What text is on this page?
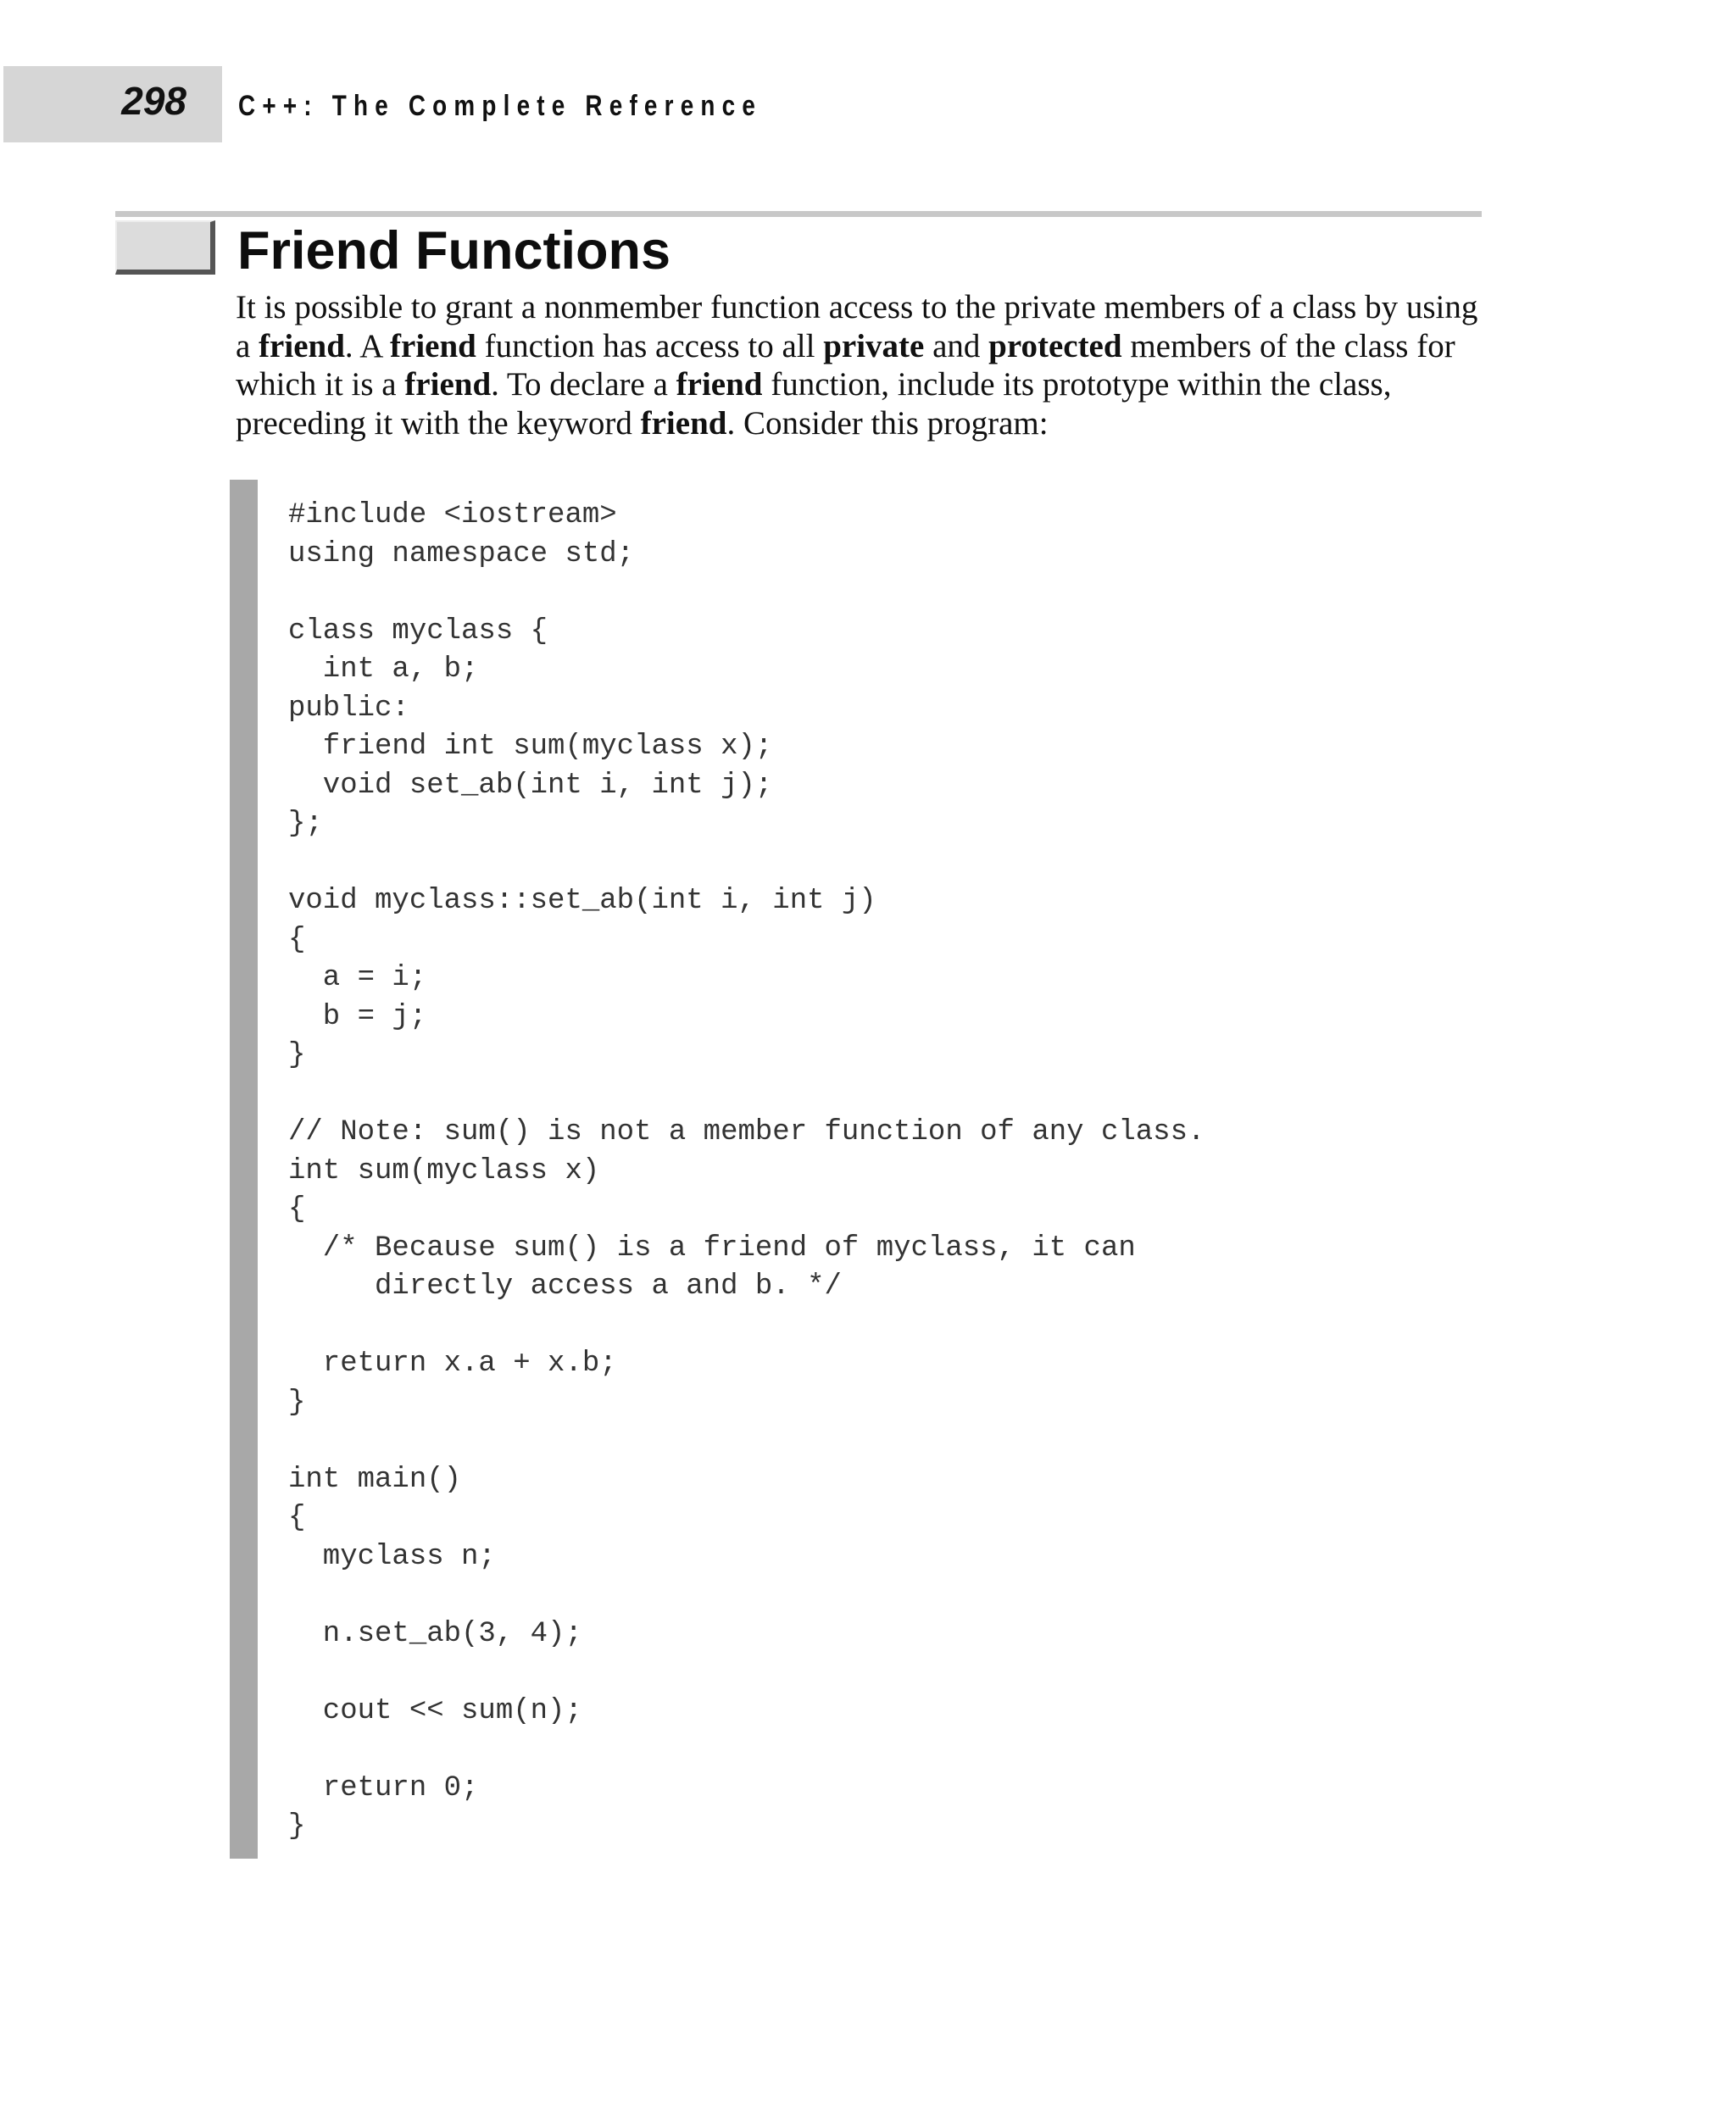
298 C++: The Complete Reference
Friend Functions

It is possible to grant a nonmember function access to the private members of a class by using a friend. A friend function has access to all private and protected members of the class for which it is a friend. To declare a friend function, include its prototype within the class, preceding it with the keyword friend. Consider this program:

#include <iostream>
using namespace std;

class myclass {
int a, b;
public:
friend int sum(myclass x);
void set_ab(int i, int j);
};

void myclass::set_ab(int i, int j)
{
a = i;
b = j;
}

// Note: sum() is not a member function of any class.
int sum(myclass x)
{
/* Because sum() is a friend of myclass, it can
directly access a and b. */

return x.a + x.b;
}

int main()
{
myclass n;

n.set_ab(3, 4);

cout << sum(n);

return 0;
}
